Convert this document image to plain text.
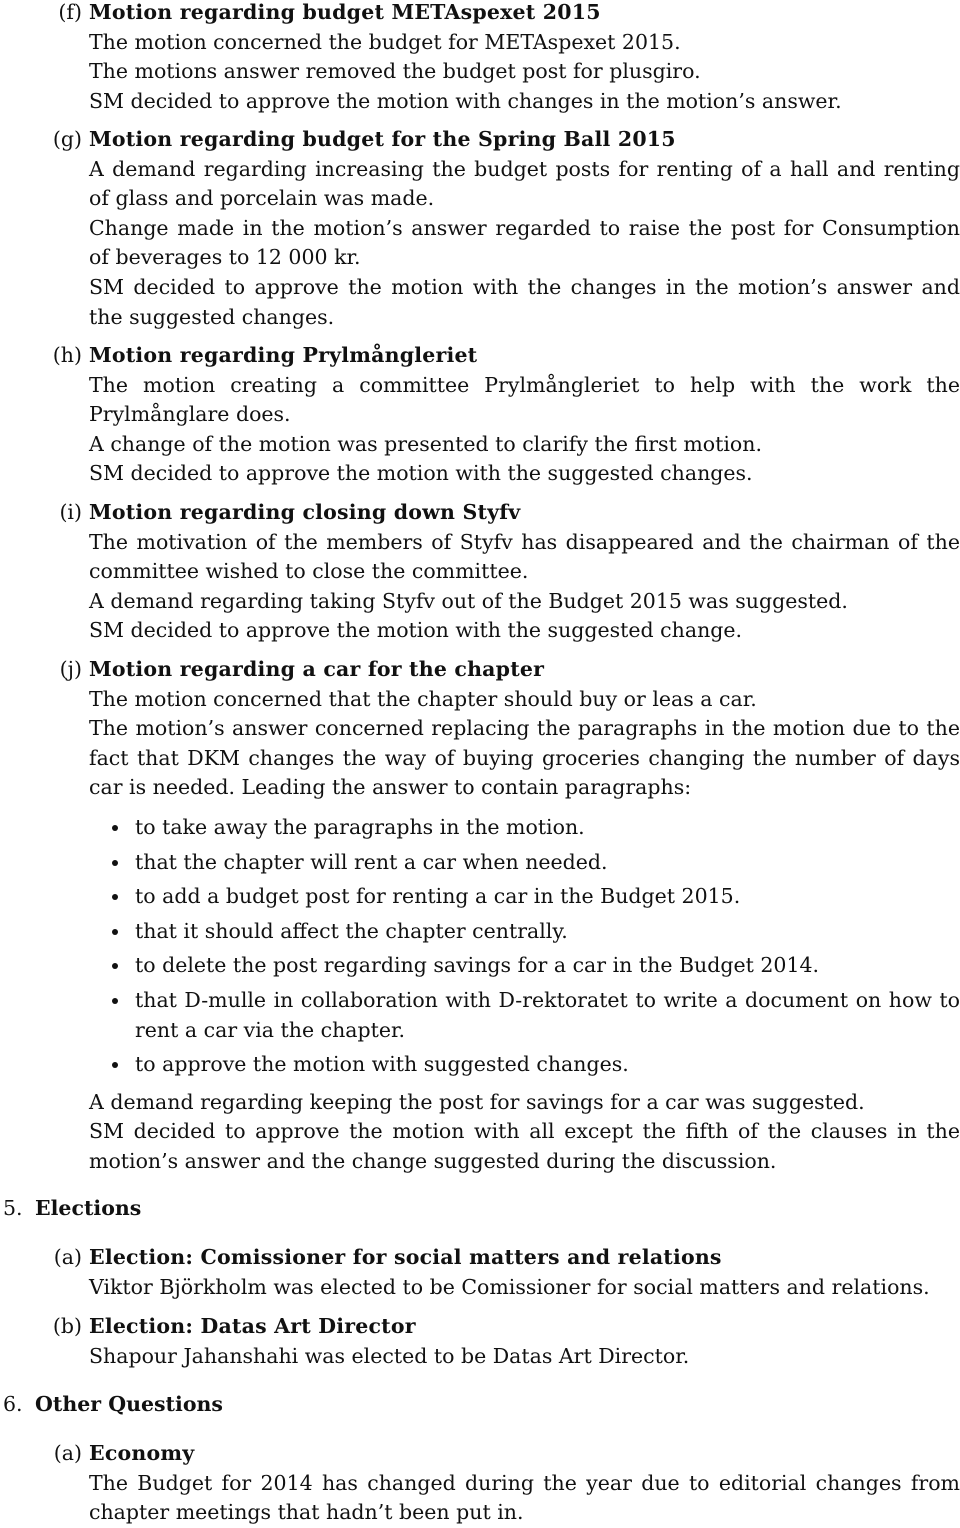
(f) Motion regarding budget METAspexet 2015
The motion concerned the budget for METAspexet 2015.
The motions answer removed the budget post for plusgiro.
SM decided to approve the motion with changes in the motion’s answer.
(g) Motion regarding budget for the Spring Ball 2015
A demand regarding increasing the budget posts for renting of a hall and renting of glass and porcelain was made.
Change made in the motion’s answer regarded to raise the post for Consumption of beverages to 12 000 kr.
SM decided to approve the motion with the changes in the motion’s answer and the suggested changes.
(h) Motion regarding Prylmångleriet
The motion creating a committee Prylmångleriet to help with the work the Prylmånglare does.
A change of the motion was presented to clarify the first motion.
SM decided to approve the motion with the suggested changes.
(i) Motion regarding closing down Styfv
The motivation of the members of Styfv has disappeared and the chairman of the committee wished to close the committee.
A demand regarding taking Styfv out of the Budget 2015 was suggested.
SM decided to approve the motion with the suggested change.
(j) Motion regarding a car for the chapter
The motion concerned that the chapter should buy or leas a car.
The motion’s answer concerned replacing the paragraphs in the motion due to the fact that DKM changes the way of buying groceries changing the number of days car is needed. Leading the answer to contain paragraphs:
to take away the paragraphs in the motion.
that the chapter will rent a car when needed.
to add a budget post for renting a car in the Budget 2015.
that it should affect the chapter centrally.
to delete the post regarding savings for a car in the Budget 2014.
that D-mulle in collaboration with D-rektoratet to write a document on how to rent a car via the chapter.
to approve the motion with suggested changes.
A demand regarding keeping the post for savings for a car was suggested.
SM decided to approve the motion with all except the fifth of the clauses in the motion’s answer and the change suggested during the discussion.
5. Elections
(a) Election: Comissioner for social matters and relations
Viktor Björkholm was elected to be Comissioner for social matters and relations.
(b) Election: Datas Art Director
Shapour Jahanshahi was elected to be Datas Art Director.
6. Other Questions
(a) Economy
The Budget for 2014 has changed during the year due to editorial changes from chapter meetings that hadn’t been put in.
